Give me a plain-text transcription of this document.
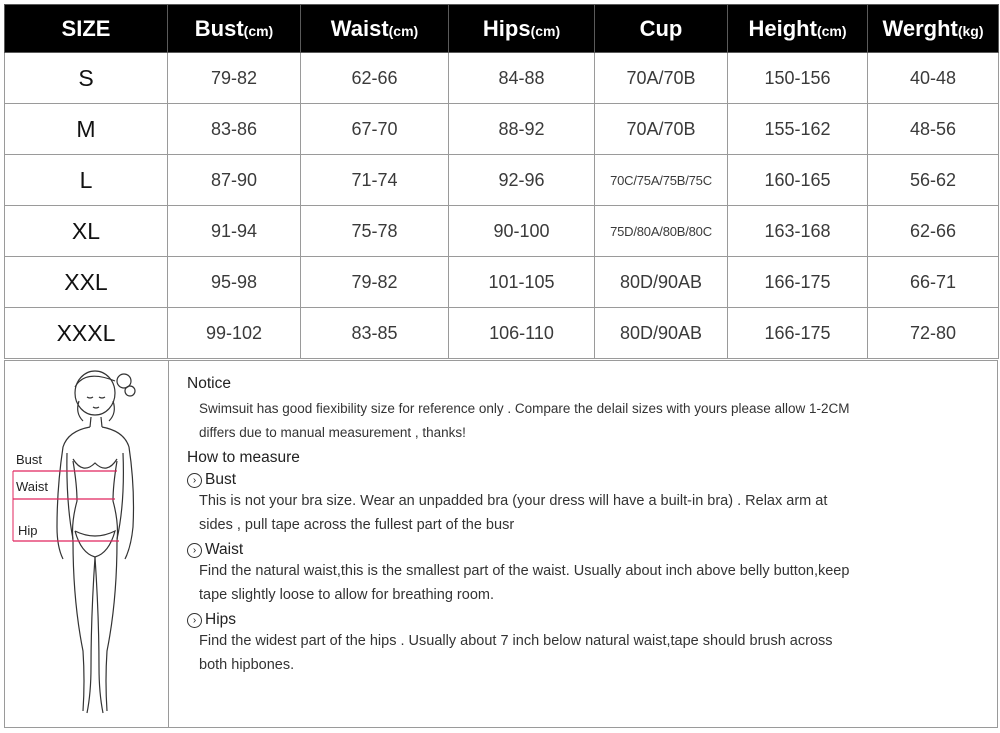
SIZE	Bust(cm)	Waist(cm)	Hips(cm)	Cup	Height(cm)	Werght(kg)
S	79-82	62-66	84-88	70A/70B	150-156	40-48
M	83-86	67-70	88-92	70A/70B	155-162	48-56
L	87-90	71-74	92-96	70C/75A/75B/75C	160-165	56-62
XL	91-94	75-78	90-100	75D/80A/80B/80C	163-168	62-66
XXL	95-98	79-82	101-105	80D/90AB	166-175	66-71
XXXL	99-102	83-85	106-110	80D/90AB	166-175	72-80
Bust
Waist
Hip

Notice

Swimsuit has good fiexibility size for reference only . Compare the delail sizes with yours please allow 1-2CM

differs due to manual measurement , thanks!

How to measure

› Bust

This is not your bra size. Wear an unpadded bra (your dress will have a built-in bra) . Relax arm at

sides , pull tape across the fullest part of the busr

› Waist

Find the natural waist,this is the smallest part of the waist. Usually about inch above belly button,keep

tape slightly loose to allow for breathing room.

› Hips

Find the widest part of the hips . Usually about 7 inch below natural waist,tape should brush across

both hipbones.
